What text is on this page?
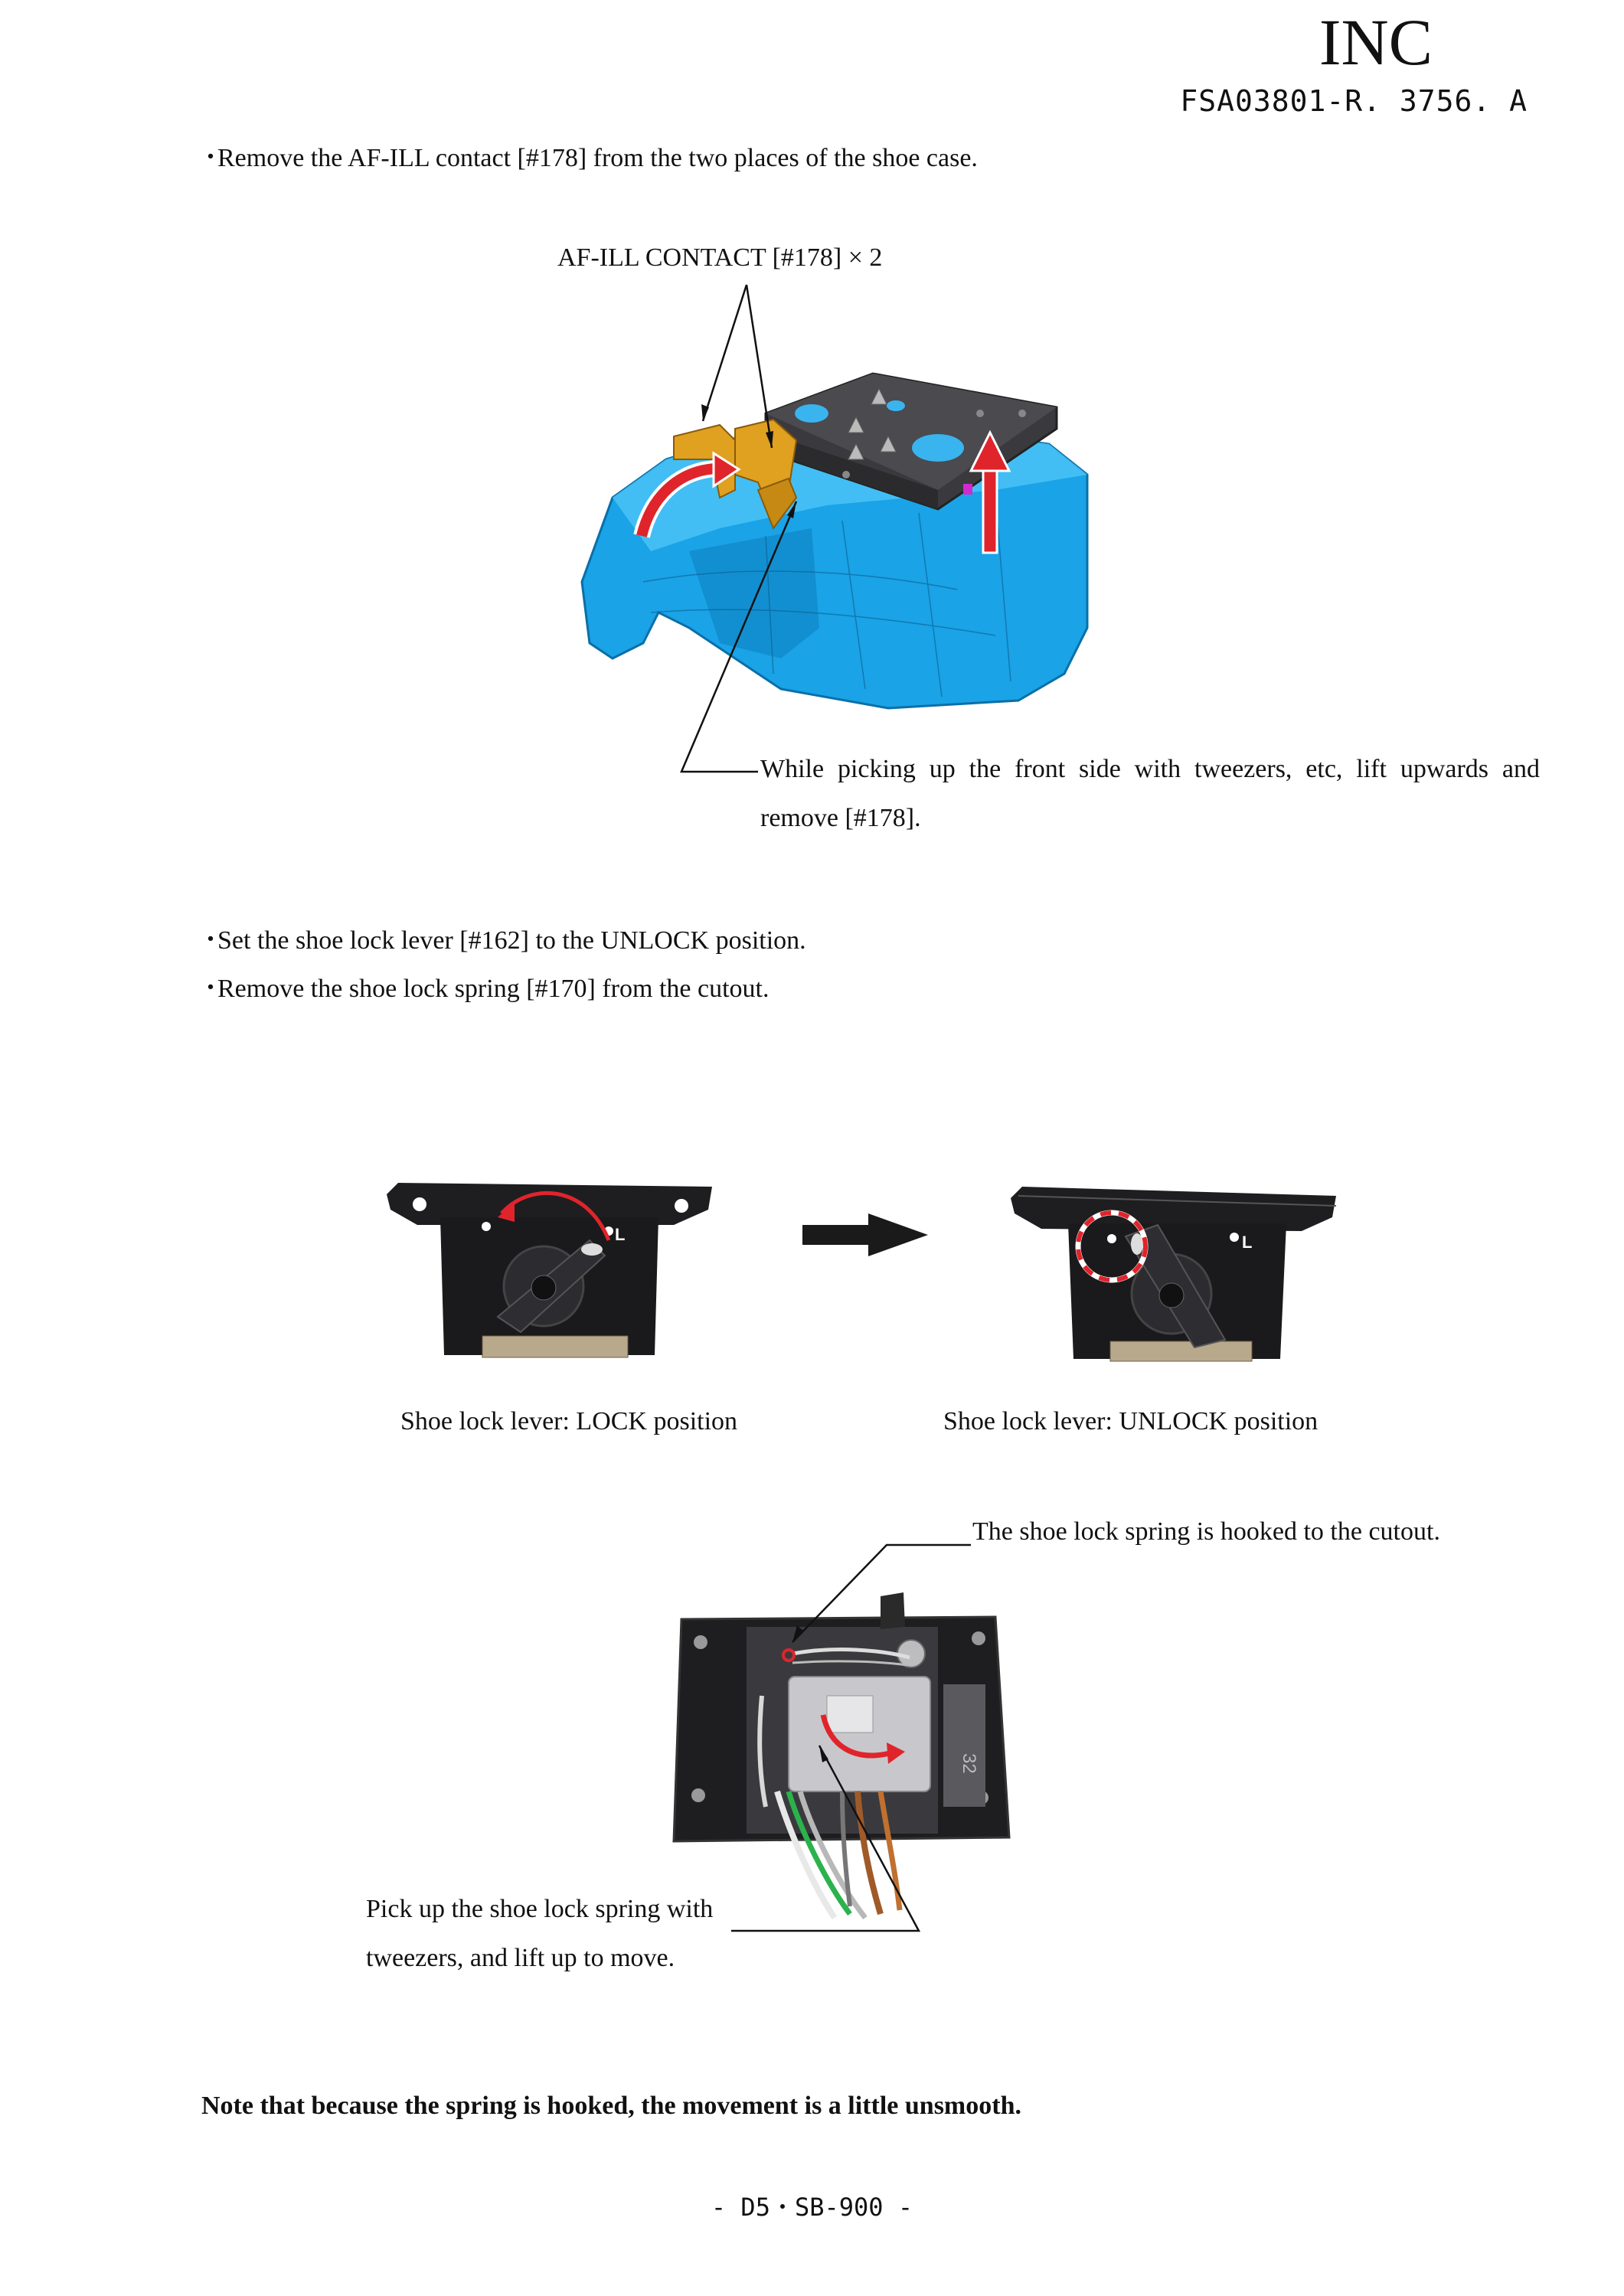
INC
FSA03801-R. 3756. A
・Remove the AF-ILL contact [#178] from the two places of the shoe case.
AF-ILL CONTACT [#178] × 2
While picking up the front side with tweezers, etc, lift upwards and
remove [#178].
・Set the shoe lock lever [#162] to the UNLOCK position.
・Remove the shoe lock spring [#170] from the cutout.
L	L
32
Shoe lock lever: LOCK position	Shoe lock lever: UNLOCK position
The shoe lock spring is hooked to the cutout.
Pick up the shoe lock spring with
tweezers, and lift up to move.
Note that because the spring is hooked, the movement is a little unsmooth.
- D5・SB-900 -
